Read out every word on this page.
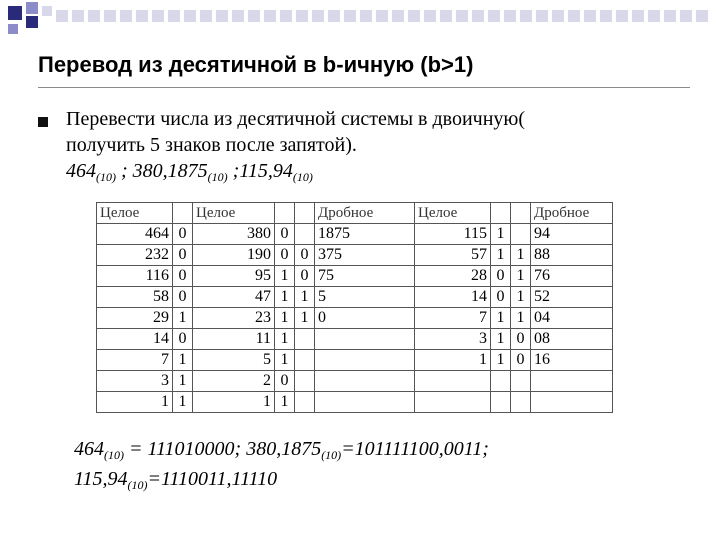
Перевод из десятичной в b-ичную (b>1)
Перевести числа из десятичной системы в двоичную(
получить 5 знаков после запятой).
$464_{(10)}$ ; $380,1875_{(10)}$ $;115,94_{(10)}$
Целое		Целое			Дробное	Целое			Дробное
464	0	380	0		1875	115	1		94
232	0	190	0	0	375	57	1	1	88
116	0	95	1	0	75	28	0	1	76
58	0	47	1	1	5	14	0	1	52
29	1	23	1	1	0	7	1	1	04
14	0	11	1			3	1	0	08
7	1	5	1			1	1	0	16
3	1	2	0						
1	1	1	1						
$464_{(10)} = 111010000$; $380,1875_{(10)}=101111100,0011$;
$115,94_{(10)}=1110011,11110$
